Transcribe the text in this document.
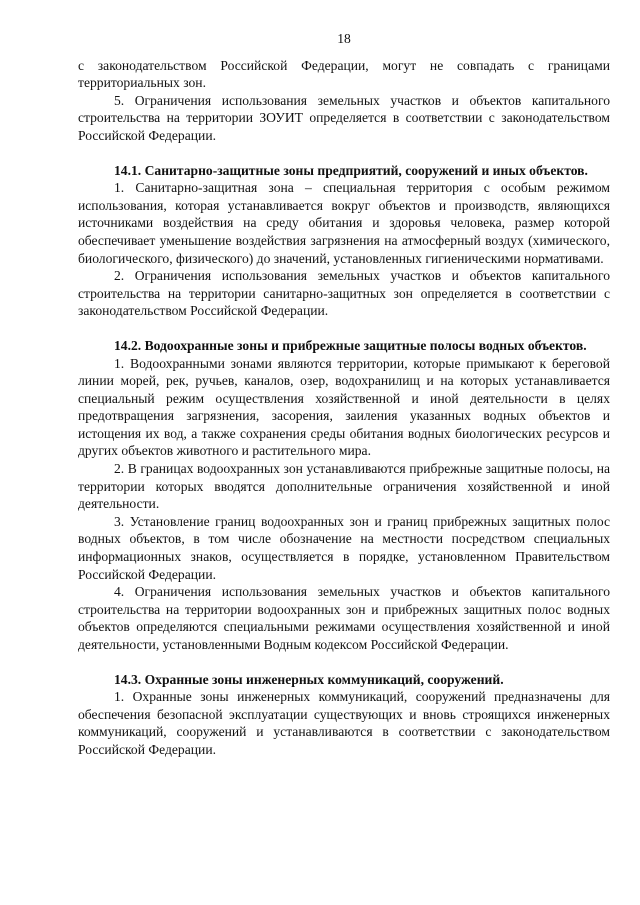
18

с законодательством Российской Федерации, могут не совпадать с границами территориальных зон.

5. Ограничения использования земельных участков и объектов капитального строительства на территории ЗОУИТ определяется в соответствии с законодательством Российской Федерации.

14.1. Санитарно-защитные зоны предприятий, сооружений и иных объектов.

1. Санитарно-защитная зона – специальная территория с особым режимом использования, которая устанавливается вокруг объектов и производств, являющихся источниками воздействия на среду обитания и здоровья человека, размер которой обеспечивает уменьшение воздействия загрязнения на атмосферный воздух (химического, биологического, физического) до значений, установленных гигиеническими нормативами.

2. Ограничения использования земельных участков и объектов капитального строительства на территории санитарно-защитных зон определяется в соответствии с законодательством Российской Федерации.

14.2. Водоохранные зоны и прибрежные защитные полосы водных объектов.

1. Водоохранными зонами являются территории, которые примыкают к береговой линии морей, рек, ручьев, каналов, озер, водохранилищ и на которых устанавливается специальный режим осуществления хозяйственной и иной деятельности в целях предотвращения загрязнения, засорения, заиления указанных водных объектов и истощения их вод, а также сохранения среды обитания водных биологических ресурсов и других объектов животного и растительного мира.

2. В границах водоохранных зон устанавливаются прибрежные защитные полосы, на территории которых вводятся дополнительные ограничения хозяйственной и иной деятельности.

3. Установление границ водоохранных зон и границ прибрежных защитных полос водных объектов, в том числе обозначение на местности посредством специальных информационных знаков, осуществляется в порядке, установленном Правительством Российской Федерации.

4. Ограничения использования земельных участков и объектов капитального строительства на территории водоохранных зон и прибрежных защитных полос водных объектов определяются специальными режимами осуществления хозяйственной и иной деятельности, установленными Водным кодексом Российской Федерации.

14.3. Охранные зоны инженерных коммуникаций, сооружений.

1. Охранные зоны инженерных коммуникаций, сооружений предназначены для обеспечения безопасной эксплуатации существующих и вновь строящихся инженерных коммуникаций, сооружений и устанавливаются в соответствии с законодательством Российской Федерации.
